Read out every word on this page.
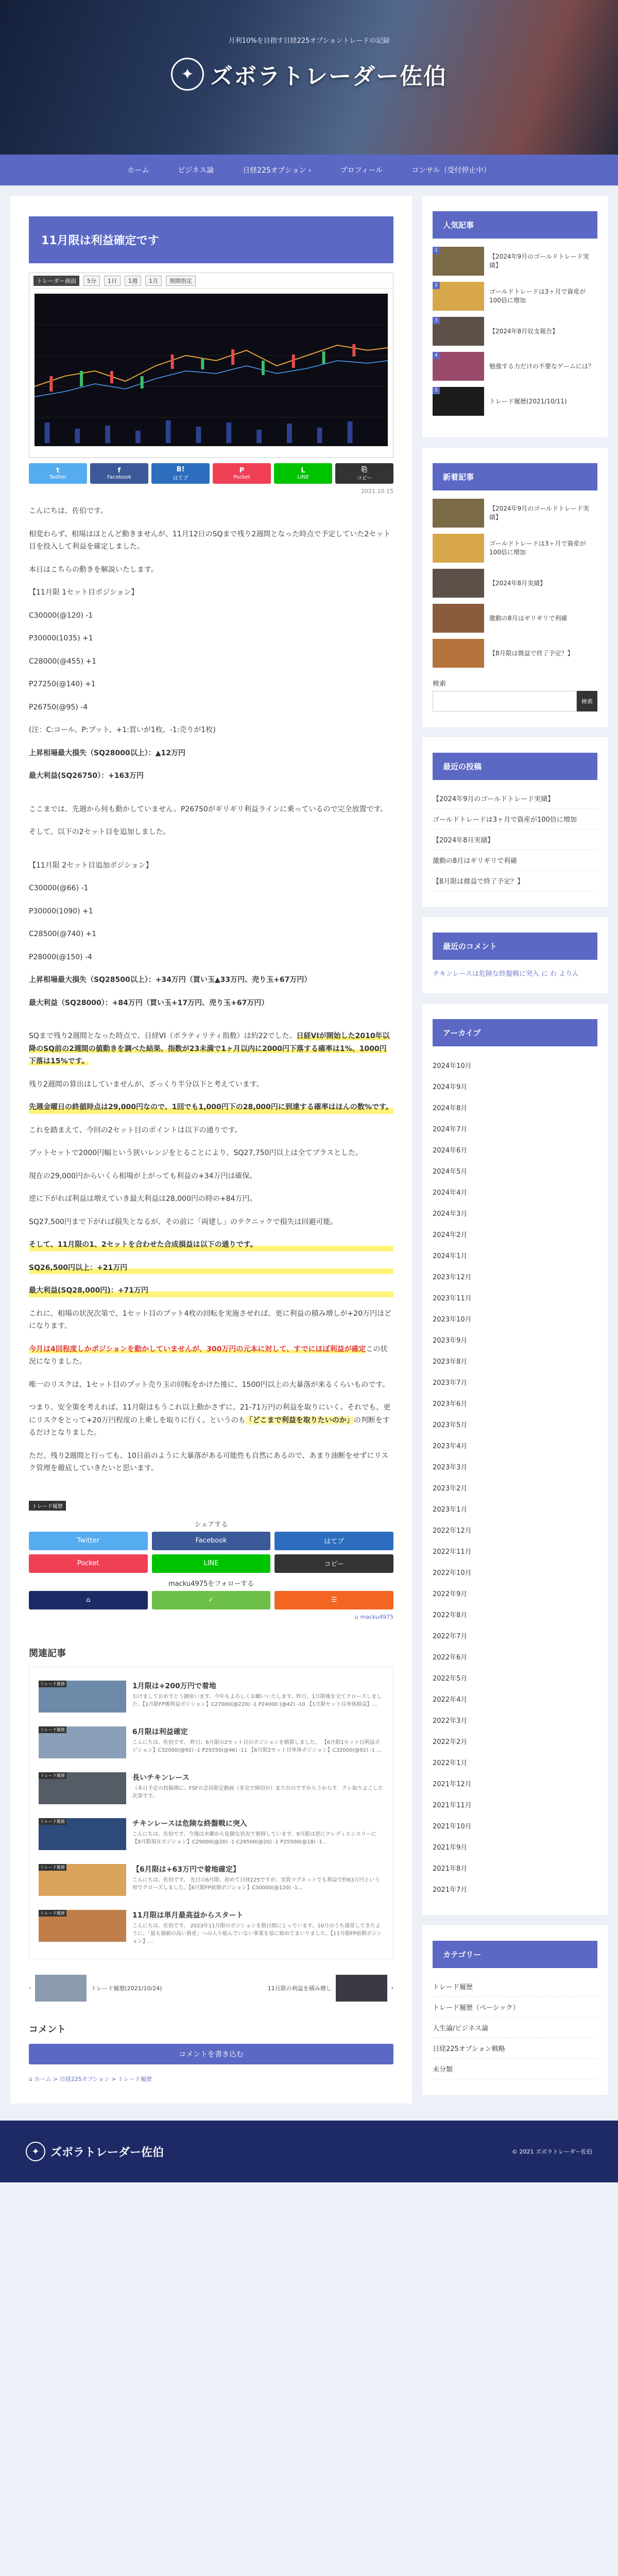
月利10%を目指す日経225オプショントレードの記録
✦ ズボラトレーダー佐伯
ホーム	ビジネス論	日経225オプション ›	プロフィール	コンサル（受付停止中）
11月限は利益確定です
トレーダー画面	5分	1日	1週	1月	期間指定
t
Twitter
f
Facebook
B!
はてブ
P
Pocket
L
LINE
⎘
コピー
2021.10.15

こんにちは、佐伯です。

相変わらず、相場はほとんど動きませんが、11月12日のSQまで残り2週間となった時点で予定していた2セット目を投入して利益を確定しました。

本日はこちらの動きを解説いたします。

【11月限 1セット目ポジション】

C30000(@120) -1

P30000(1035) +1

C28000(@455) +1

P27250(@140) +1

P26750(@95) -4

(注：C:コール、P:プット、+1:買いが1枚、-1:売りが1枚)

上昇相場最大損失（SQ28000以上）：▲12万円

最大利益(SQ26750）：+163万円

ここまでは、先週から何も動かしていません。P26750がギリギリ利益ラインに乗っているので完全放置です。

そして、以下の2セット目を追加しました。

【11月限 2セット目追加ポジション】

C30000(@66) -1

P30000(1090) +1

C28500(@740) +1

P28000(@150) -4

上昇相場最大損失（SQ28500以上）：+34万円（買い玉▲33万円、売り玉+67万円）

最大利益（SQ28000）：+84万円（買い玉+17万円、売り玉+67万円）

SQまで残り2週間となった時点で、日経VI（ボラティリティ指数）は約22でした。日経VIが開始した2010年以降のSQ前の2週間の値動きを調べた結果、指数が23未満で1ヶ月以内に2000円下落する確率は1%、1000円下落は15%です。

残り2週間の算出はしていませんが、ざっくり半分以下と考えています。

先週金曜日の終値時点は29,000円なので、1回でも1,000円下の28,000円に到達する確率はほんの数%です。

これを踏まえて、今回の2セット目のポイントは以下の通りです。

プットセットで2000円幅という狭いレンジをとることにより、SQ27,750円以上は全てプラスとした。

現在の29,000円からいくら相場が上がっても利益の+34万円は確保。

逆に下がれば利益は増えていき最大利益は28,000円の時の+84万円。

SQ27,500円まで下がれば損失となるが、その前に「両建し」のテクニックで損失は回避可能。

そして、11月限の1、2セットを合わせた合成損益は以下の通りです。

SQ26,500円以上：+21万円

最大利益(SQ28,000円)：+71万円

これに、相場の状況次第で、1セット目のプット4枚の回転を実施させれば、更に利益の積み増しが+20万円ほどになります。

今月は4回程度しかポジションを動かしていませんが、300万円の元本に対して、すでにほぼ利益が確定この状況になりました。

唯一のリスクは、1セット目のプット売り玉の回転をかけた後に、1500円以上の大暴落が来るくらいものです。

つまり、安全策を考えれば、11月限はもうこれ以上動かさずに、21-71万円の利益を取りにいく。それでも、更にリスクをとって+20万円程度の上乗しを取りに行く。というのも「どこまで利益を取りたいのか」の判断をするだけとなりました。

ただ、残り2週間と行っても、10日前のように大暴落がある可能性も自然にあるので、あまり油断をせずにリスク管理を徹底していきたいと思います。

トレード履歴
シェアする
Twitter	Facebook	はてブ
Pocket	LINE	コピー
macku4975をフォローする
⌂	✓	☰
⌂ macku4975
関連記事
トレード履歴	1月限は+200万円で着地
おけましておめでとう御座います。今年もよろしくお願いいたします。昨日、1月限後を全てクローズしました。【1月限FP後利益ポジション】C27000(@220) -1 P24000 (@42) -10 【1月限セット目単体損益】…
トレード履歴	6月限は利益確定
こんにちは、佐伯です。 昨日、6月限の2セット目のポジションを精算しました。 【6月限1セット目利益ポジション】C32000(@92) -1 P29250(@46) -11 【6月限2セット目単体ポジション】C32000(@92) -1 …
トレード履歴	長いチキンレース
（本日予定の投稿期に、FSFの会員限定動画（非売で締切が）また台のですからうからす、クレ取りよこした次第です。
トレード履歴	チキンレースは危険な終盤戦に突入
こんにちは、佐伯です。今週は水曜から危険な状況で推移しています。9月限は逆にクレディエンスリーに【9月限現在ポジション】C29000(@20) -1 C28500(@20) -1 P25500(@18) -1…
トレード履歴	【6月限は+63万円で着地確定】
こんにちは、佐伯です。 先日の6月限、初めて日経225ですが、実質マグネットでも利益で約63万円という形でクローズしました。【6月限FP前期ポジション】C30000(@120) -1…
トレード履歴	11月限は単月最高益からスタート
こんにちは、佐伯です。 2023年11月限のポジションを数日間にとっています。10月のうち通常してきたように、「最も価値の高い資産」への入り組んでいない事業を基に始めてまいりました。【11月限FP前期ポジション】…
‹	トレード履歴(2021/10/24)	11月限の利益を積み増し	›
コメント
コメントを書き込む
⌂ ホーム > 日経225オプション > トレード履歴
人気記事
1
【2024年9月のゴールドトレード実績】
2
ゴールドトレードは3ヶ月で資産が100倍に増加
3
【2024年8月収支報告】
4
勉強する力だけの不要なゲームには？
5
トレード履歴(2021/10/11)
新着記事
【2024年9月のゴールドトレード実績】
ゴールドトレードは3ヶ月で資産が100倍に増加
【2024年8月実績】
激動の8月はギリギリで利確
【8月限は微益で終了予定？】
検索
検索
最近の投稿
【2024年9月のゴールドトレード実績】
ゴールドトレードは3ヶ月で資産が100倍に増加
【2024年8月実績】
激動の8月はギリギリで利確
【8月限は微益で終了予定？】
最近のコメント
チキンレースは危険な終盤戦に突入 に わ よりん
アーカイブ
2024年10月
2024年9月
2024年8月
2024年7月
2024年6月
2024年5月
2024年4月
2024年3月
2024年2月
2024年1月
2023年12月
2023年11月
2023年10月
2023年9月
2023年8月
2023年7月
2023年6月
2023年5月
2023年4月
2023年3月
2023年2月
2023年1月
2022年12月
2022年11月
2022年10月
2022年9月
2022年8月
2022年7月
2022年6月
2022年5月
2022年4月
2022年3月
2022年2月
2022年1月
2021年12月
2021年11月
2021年10月
2021年9月
2021年8月
2021年7月
カテゴリー
トレード履歴
トレード履歴（ペーシック）
人生論/ビジネス論
日経225オプション戦略
未分類
✦ ズボラトレーダー佐伯	© 2021 ズボラトレーダー佐伯
